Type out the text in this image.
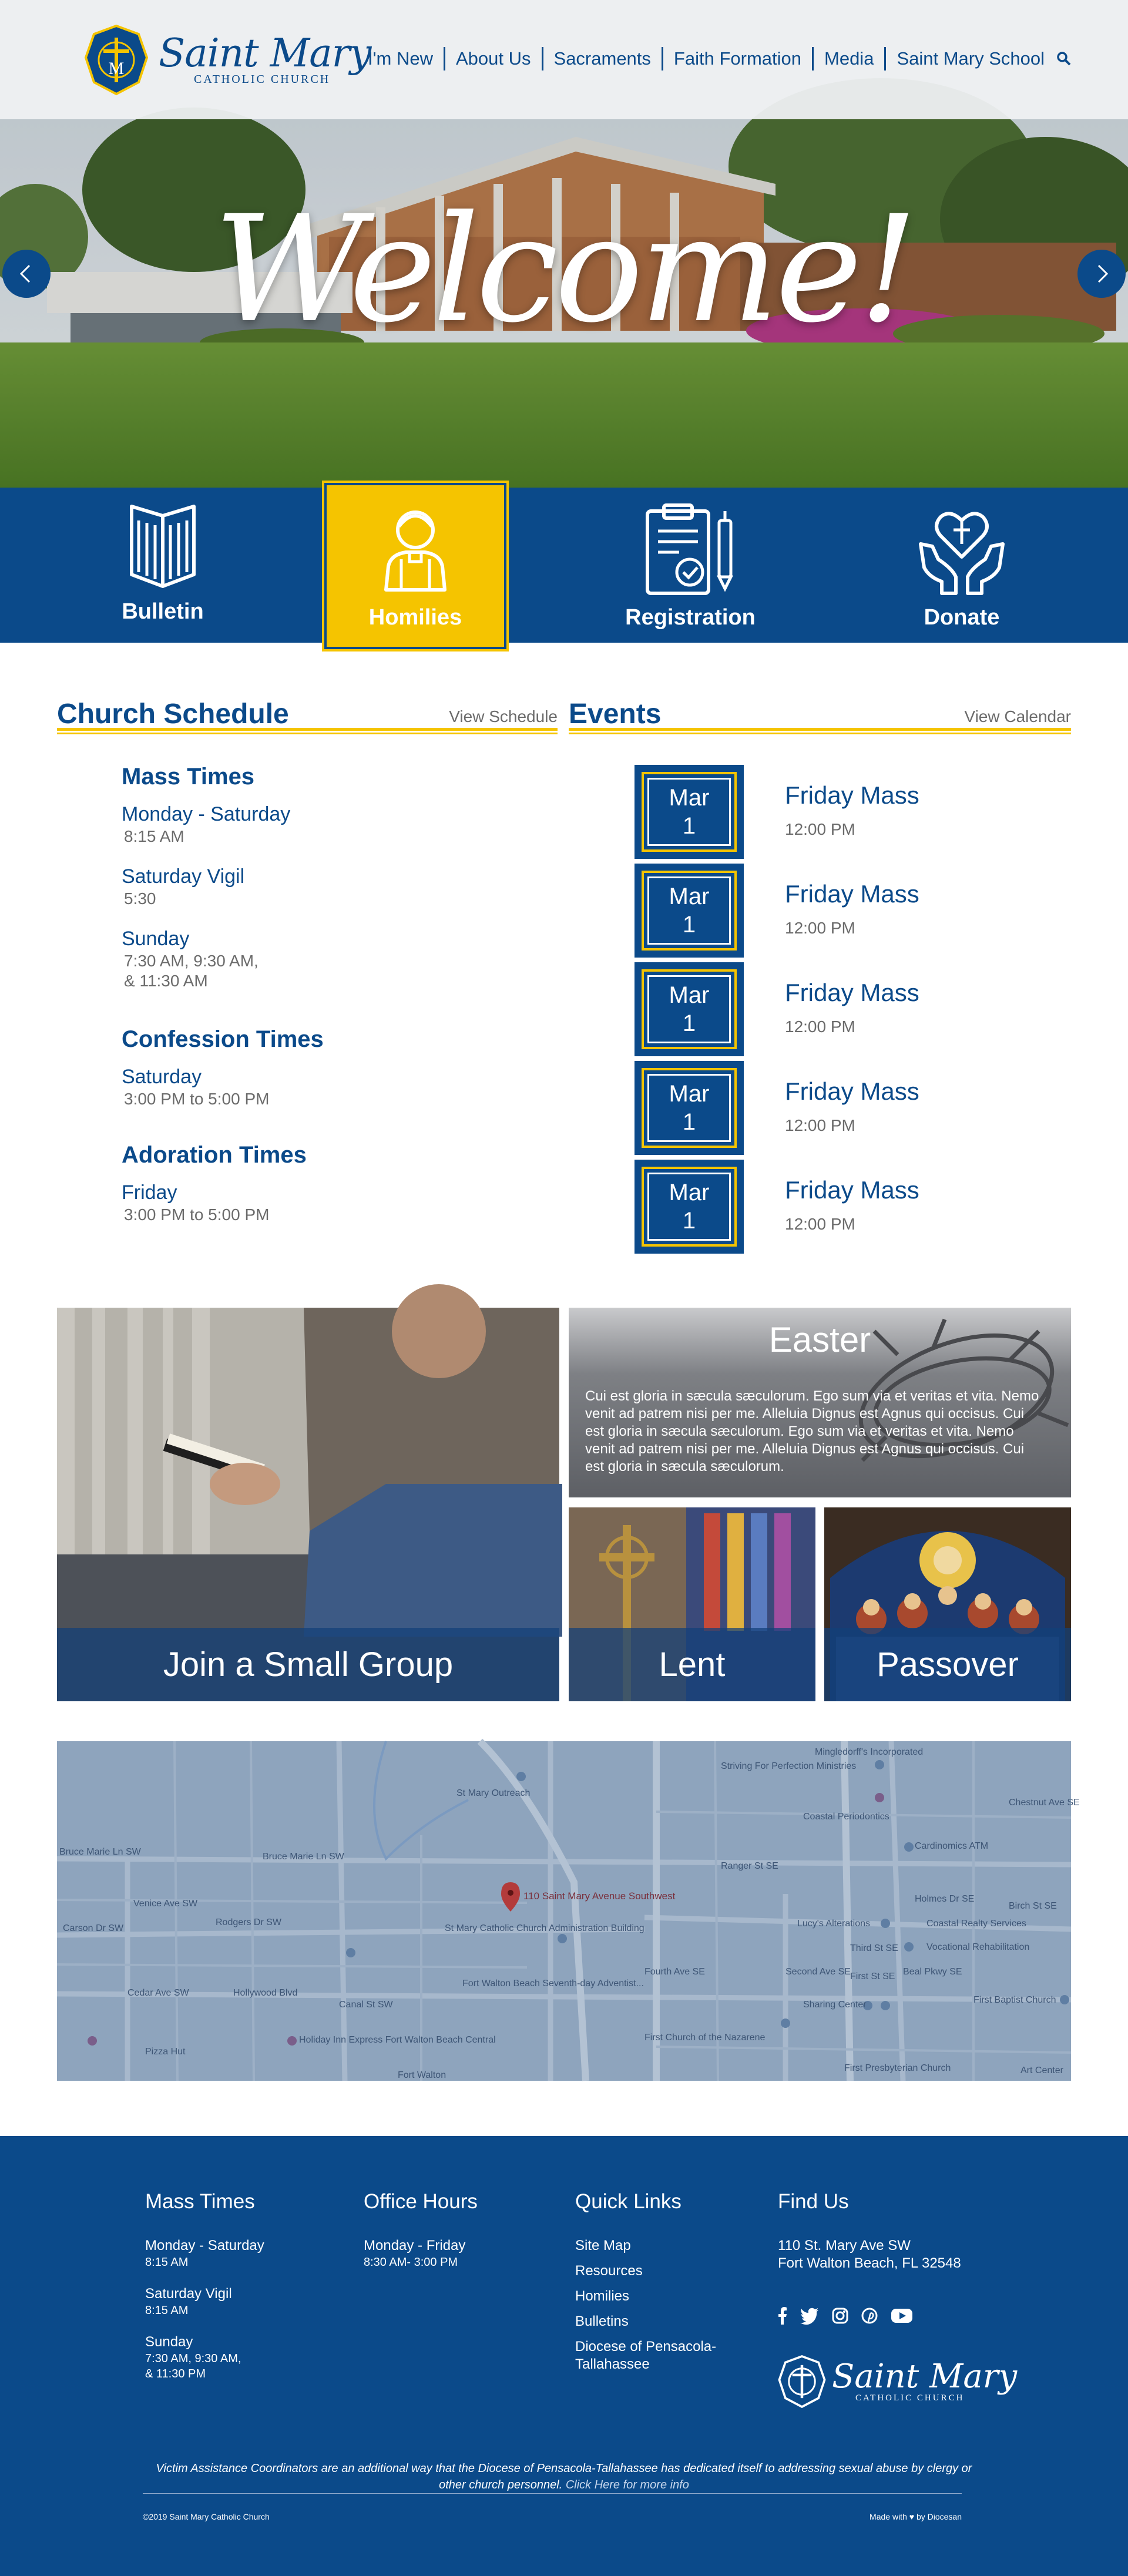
Welcome!
M Saint Mary
CATHOLIC CHURCH
I'm New	About Us	Sacraments	Faith Formation	Media	Saint Mary School
Bulletin	Homilies	Registration	Donate
Church Schedule	View Schedule
Mass Times
Monday - Saturday
8:15 AM
Saturday Vigil
5:30
Sunday
7:30 AM, 9:30 AM,
& 11:30 AM
Confession Times
Saturday
3:00 PM to 5:00 PM
Adoration Times
Friday
3:00 PM to 5:00 PM
Events	View Calendar
Mar
1
Friday Mass
12:00 PM
Mar
1
Friday Mass
12:00 PM
Mar
1
Friday Mass
12:00 PM
Mar
1
Friday Mass
12:00 PM
Mar
1
Friday Mass
12:00 PM
Join a Small Group
Easter
Cui est gloria in sæcula sæculorum. Ego sum via et veritas et vita. Nemo venit ad patrem nisi per me. Alleluia Dignus est Agnus qui occisus. Cui est gloria in sæcula sæculorum. Ego sum via et veritas et vita. Nemo venit ad patrem nisi per me. Alleluia Dignus est Agnus qui occisus. Cui est gloria in sæcula sæculorum.
Lent	Passover
110 Saint Mary Avenue Southwest
St Mary Outreach
Striving For Perfection Ministries
Mingledorff's Incorporated
Coastal Periodontics
Cardinomics ATM
Lucy's Alterations	Coastal Realty Services
Vocational Rehabilitation
St Mary Catholic Church Administration Building
Fort Walton Beach Seventh-day Adventist...
Sharing Center	First Baptist Church
First Church of the Nazarene
First Presbyterian Church
Holiday Inn Express Fort Walton Beach Central
Pizza Hut
Art Center
Bruce Marie Ln SW	Bruce Marie Ln SW
Rodgers Dr SW
Ranger St SE
Cedar Ave SW
Venice Ave SW
Canal St SW
Chestnut Ave SE
Birch St SE
First St SE
Third St SE
Fourth Ave SE	Second Ave SE	Beal Pkwy SE
Holmes Dr SE
Carson Dr SW
Hollywood Blvd
Fort Walton
Mass Times
Monday - Saturday
8:15 AM
Saturday Vigil
8:15 AM
Sunday
7:30 AM, 9:30 AM,
& 11:30 PM
Office Hours
Monday - Friday
8:30 AM- 3:00 PM
Quick Links
Site Map
Resources
Homilies
Bulletins
Diocese of Pensacola-Tallahassee
Find Us
110 St. Mary Ave SW
Fort Walton Beach, FL 32548
Saint Mary
CATHOLIC CHURCH
Victim Assistance Coordinators are an additional way that the Diocese of Pensacola-Tallahassee has dedicated itself to addressing sexual abuse by clergy or other church personnel. Click Here for more info
©2019 Saint Mary Catholic Church	Made with ♥ by Diocesan
